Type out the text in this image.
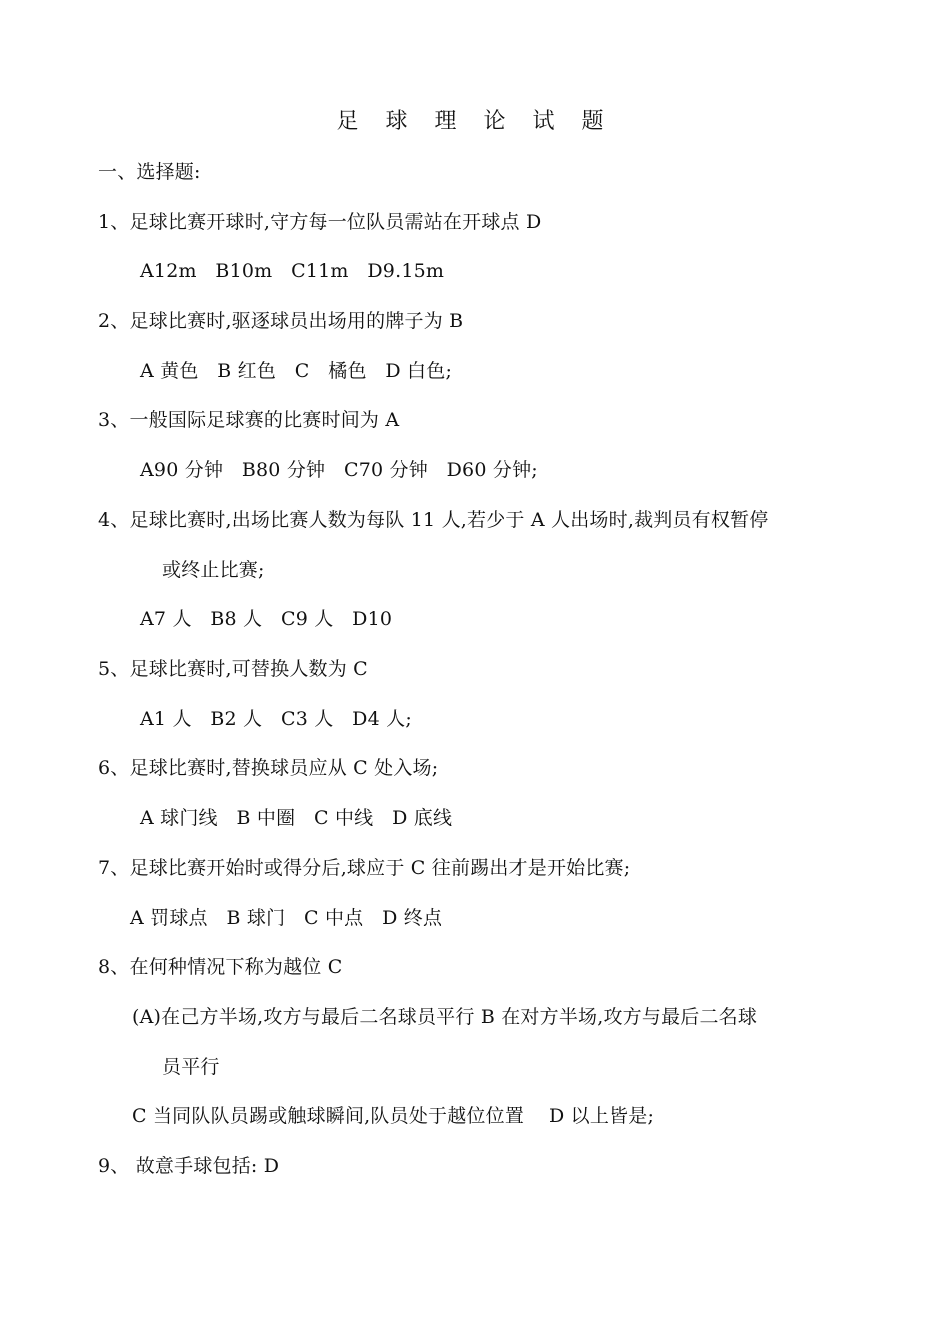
足 球 理 论 试 题
一、选择题:
1、足球比赛开球时,守方每一位队员需站在开球点 D
A12m   B10m   C11m   D9.15m
2、足球比赛时,驱逐球员出场用的牌子为 B
A 黄色   B 红色   C   橘色   D 白色;
3、一般国际足球赛的比赛时间为 A
A90 分钟   B80 分钟   C70 分钟   D60 分钟;
4、足球比赛时,出场比赛人数为每队 11 人,若少于 A 人出场时,裁判员有权暂停
或终止比赛;
A7 人   B8 人   C9 人   D10
5、足球比赛时,可替换人数为 C
A1 人   B2 人   C3 人   D4 人;
6、足球比赛时,替换球员应从 C 处入场;
A 球门线   B 中圈   C 中线   D 底线
7、足球比赛开始时或得分后,球应于 C 往前踢出才是开始比赛;
A 罚球点   B 球门   C 中点   D 终点
8、在何种情况下称为越位 C
(A)在己方半场,攻方与最后二名球员平行 B 在对方半场,攻方与最后二名球
员平行
C 当同队队员踢或触球瞬间,队员处于越位位置    D 以上皆是;
9、 故意手球包括: D
